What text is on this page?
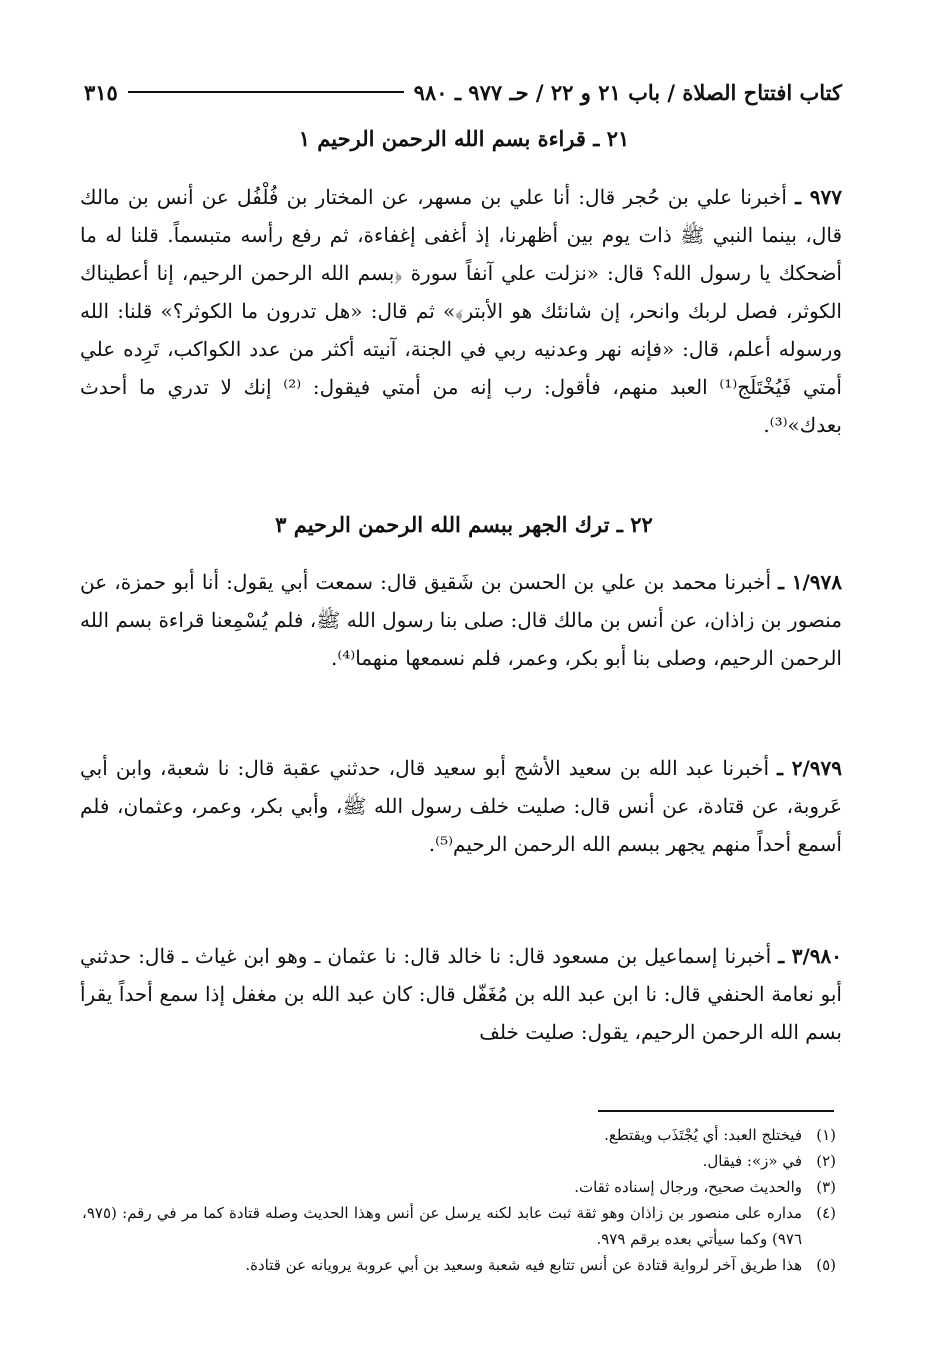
كتاب افتتاح الصلاة / باب ٢١ و ٢٢ / حـ ٩٧٧ ـ ٩٨٠
٣١٥
٢١ ـ قراءة بسم الله الرحمن الرحيم ١
٩٧٧ ـ أخبرنا علي بن حُجر قال: أنا علي بن مسهر، عن المختار بن فُلْفُل عن أنس بن مالك قال، بينما النبي ﷺ ذات يوم بين أظهرنا، إذ أغفى إغفاءة، ثم رفع رأسه متبسماً. قلنا له ما أضحكك يا رسول الله؟ قال: «نزلت علي آنفاً سورة ﴿بسم الله الرحمن الرحيم، إنا أعطيناك الكوثر، فصل لربك وانحر، إن شانئك هو الأبتر﴾» ثم قال: «هل تدرون ما الكوثر؟» قلنا: الله ورسوله أعلم، قال: «فإنه نهر وعدنيه ربي في الجنة، آنيته أكثر من عدد الكواكب، تَرِده علي أمتي فَيُخْتَلَج⁽¹⁾ العبد منهم، فأقول: رب إنه من أمتي فيقول: ⁽²⁾ إنك لا تدري ما أحدث بعدك»⁽³⁾.
٢٢ ـ ترك الجهر ببسم الله الرحمن الرحيم ٣
١/٩٧٨ ـ أخبرنا محمد بن علي بن الحسن بن شَقيق قال: سمعت أبي يقول: أنا أبو حمزة، عن منصور بن زاذان، عن أنس بن مالك قال: صلى بنا رسول الله ﷺ، فلم يُسْمِعنا قراءة بسم الله الرحمن الرحيم، وصلى بنا أبو بكر، وعمر، فلم نسمعها منهما⁽⁴⁾.
٢/٩٧٩ ـ أخبرنا عبد الله بن سعيد الأشج أبو سعيد قال، حدثني عقبة قال: نا شعبة، وابن أبي عَروبة، عن قتادة، عن أنس قال: صليت خلف رسول الله ﷺ، وأبي بكر، وعمر، وعثمان، فلم أسمع أحداً منهم يجهر ببسم الله الرحمن الرحيم⁽⁵⁾.
٣/٩٨٠ ـ أخبرنا إسماعيل بن مسعود قال: نا خالد قال: نا عثمان ـ وهو ابن غياث ـ قال: حدثني أبو نعامة الحنفي قال: نا ابن عبد الله بن مُغَفّل قال: كان عبد الله بن مغفل إذا سمع أحداً يقرأ بسم الله الرحمن الرحيم، يقول: صليت خلف
(١)
فيختلج العبد: أي يُجْتَذَب ويقتطع.
(٢)
في «ز»: فيقال.
(٣)
والحديث صحيح، ورجال إسناده ثقات.
(٤)
مداره على منصور بن زاذان وهو ثقة ثبت عابد لكنه يرسل عن أنس وهذا الحديث وصله قتادة كما مر في رقم: (٩٧٥، ٩٧٦) وكما سيأتي بعده برقم ٩٧٩.
(٥)
هذا طريق آخر لرواية قتادة عن أنس تتابع فيه شعبة وسعيد بن أبي عروبة يرويانه عن قتادة.
